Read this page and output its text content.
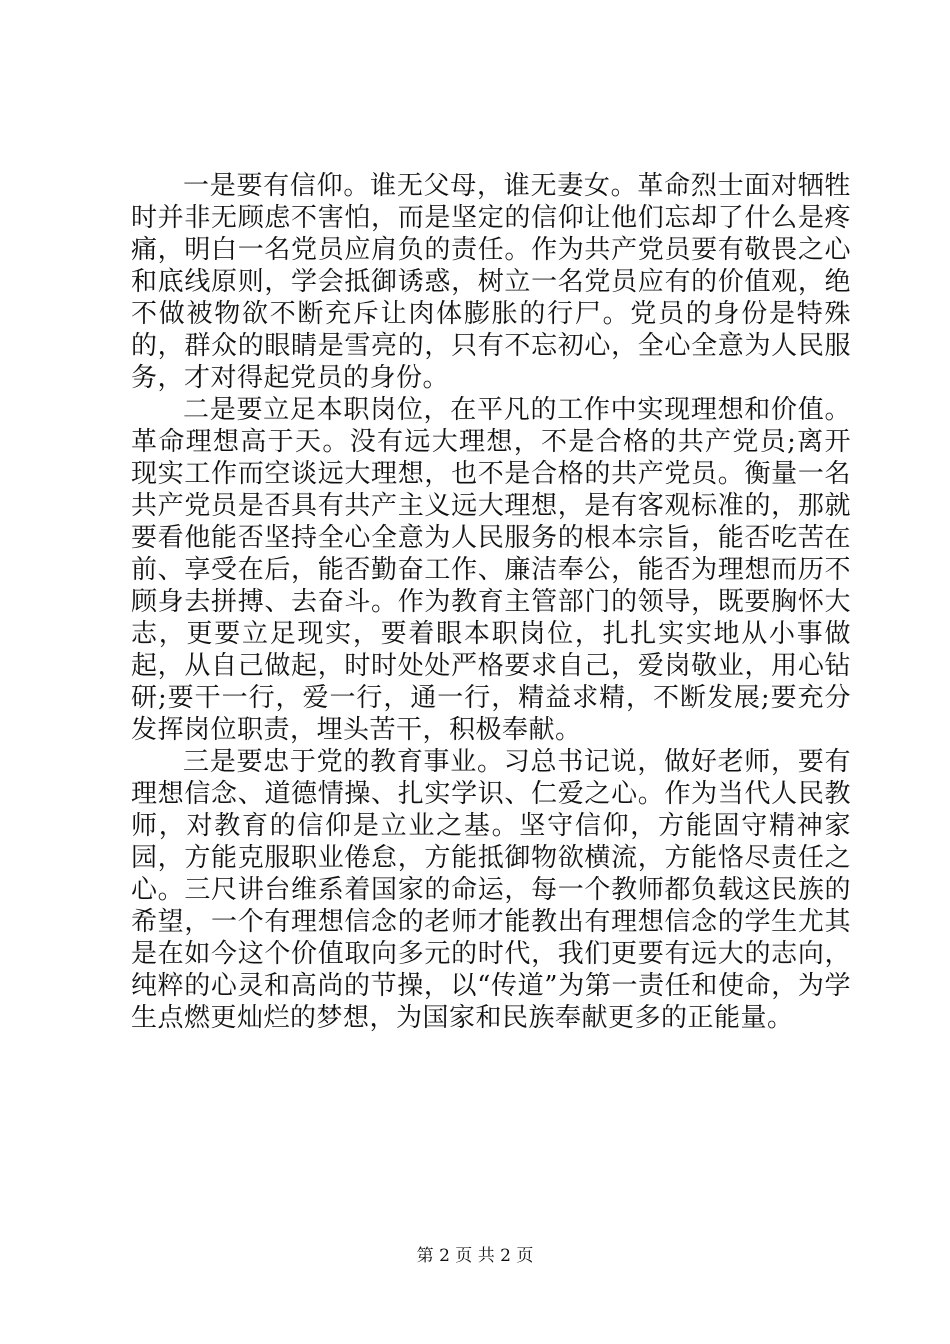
一是要有信仰。谁无父母，谁无妻女。革命烈士面对牺牲时并非无顾虑不害怕，而是坚定的信仰让他们忘却了什么是疼痛，明白一名党员应肩负的责任。作为共产党员要有敬畏之心和底线原则，学会抵御诱惑，树立一名党员应有的价值观，绝不做被物欲不断充斥让肉体膨胀的行尸。党员的身份是特殊的，群众的眼睛是雪亮的，只有不忘初心，全心全意为人民服务，才对得起党员的身份。

二是要立足本职岗位，在平凡的工作中实现理想和价值。革命理想高于天。没有远大理想，不是合格的共产党员;离开现实工作而空谈远大理想，也不是合格的共产党员。衡量一名共产党员是否具有共产主义远大理想，是有客观标准的，那就要看他能否坚持全心全意为人民服务的根本宗旨，能否吃苦在前、享受在后，能否勤奋工作、廉洁奉公，能否为理想而历不顾身去拼搏、去奋斗。作为教育主管部门的领导，既要胸怀大志，更要立足现实，要着眼本职岗位，扎扎实实地从小事做起，从自己做起，时时处处严格要求自己，爱岗敬业，用心钻研;要干一行，爱一行，通一行，精益求精，不断发展;要充分发挥岗位职责，埋头苦干，积极奉献。

三是要忠于党的教育事业。习总书记说，做好老师，要有理想信念、道德情操、扎实学识、仁爱之心。作为当代人民教师，对教育的信仰是立业之基。坚守信仰，方能固守精神家园，方能克服职业倦怠，方能抵御物欲横流，方能恪尽责任之心。三尺讲台维系着国家的命运，每一个教师都负载这民族的希望，一个有理想信念的老师才能教出有理想信念的学生尤其是在如今这个价值取向多元的时代，我们更要有远大的志向，纯粹的心灵和高尚的节操，以“传道”为第一责任和使命，为学生点燃更灿烂的梦想，为国家和民族奉献更多的正能量。

第 2 页 共 2 页
